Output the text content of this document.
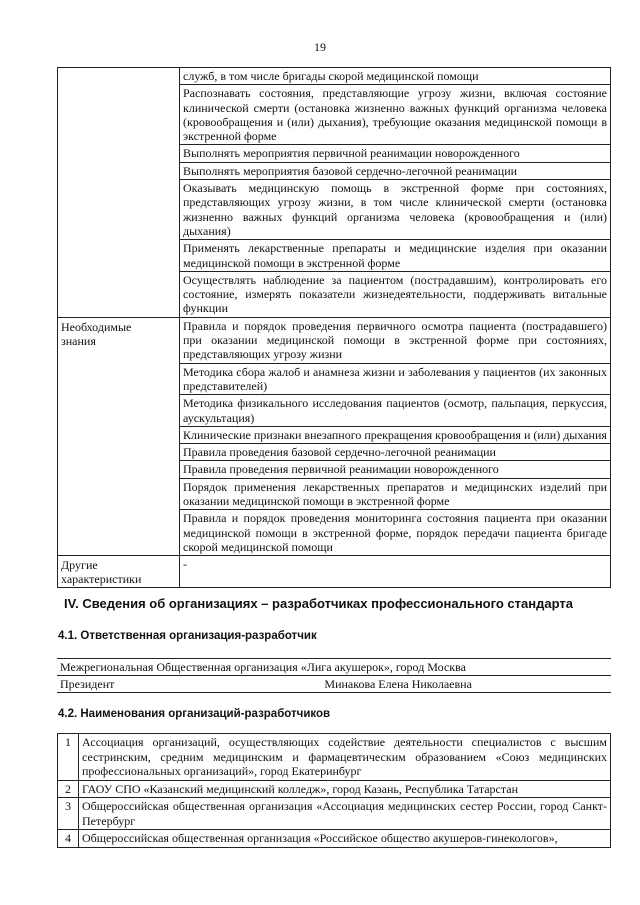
19
	служб, в том числе бригады скорой медицинской помощи
	Распознавать состояния, представляющие угрозу жизни, включая состояние клинической смерти (остановка жизненно важных функций организма человека (кровообращения и (или) дыхания), требующие оказания медицинской помощи в экстренной форме
	Выполнять мероприятия первичной реанимации новорожденного
	Выполнять мероприятия базовой сердечно-легочной реанимации
	Оказывать медицинскую помощь в экстренной форме при состояниях, представляющих угрозу жизни, в том числе клинической смерти (остановка жизненно важных функций организма человека (кровообращения и (или) дыхания)
	Применять лекарственные препараты и медицинские изделия при оказании медицинской помощи в экстренной форме
	Осуществлять наблюдение за пациентом (пострадавшим), контролировать его состояние, измерять показатели жизнедеятельности, поддерживать витальные функции

Необходимые
знания	Правила и порядок проведения первичного осмотра пациента (пострадавшего) при оказании медицинской помощи в экстренной форме при состояниях, представляющих угрозу жизни
	Методика сбора жалоб и анамнеза жизни и заболевания у пациентов (их законных представителей)
	Методика физикального исследования пациентов (осмотр, пальпация, перкуссия, аускультация)
	Клинические признаки внезапного прекращения кровообращения и (или) дыхания
	Правила проведения базовой сердечно-легочной реанимации
	Правила проведения первичной реанимации новорожденного
	Порядок применения лекарственных препаратов и медицинских изделий при оказании медицинской помощи в экстренной форме
	Правила и порядок проведения мониторинга состояния пациента при оказании медицинской помощи в экстренной форме, порядок передачи пациента бригаде скорой медицинской помощи

Другие
характеристики	-
IV. Сведения об организациях – разработчиках профессионального стандарта
4.1. Ответственная организация-разработчик
Межрегиональная Общественная организация «Лига акушерок», город Москва
Президент	Минакова Елена Николаевна
4.2. Наименования организаций-разработчиков
1	Ассоциация организаций, осуществляющих содействие деятельности специалистов с высшим сестринским, средним медицинским и фармацевтическим образованием «Союз медицинских профессиональных организаций», город Екатеринбург
2	ГАОУ СПО «Казанский медицинский колледж», город Казань, Республика Татарстан
3	Общероссийская общественная организация «Ассоциация медицинских сестер России, город Санкт-Петербург
4	Общероссийская общественная организация «Российское общество акушеров-гинекологов»,
